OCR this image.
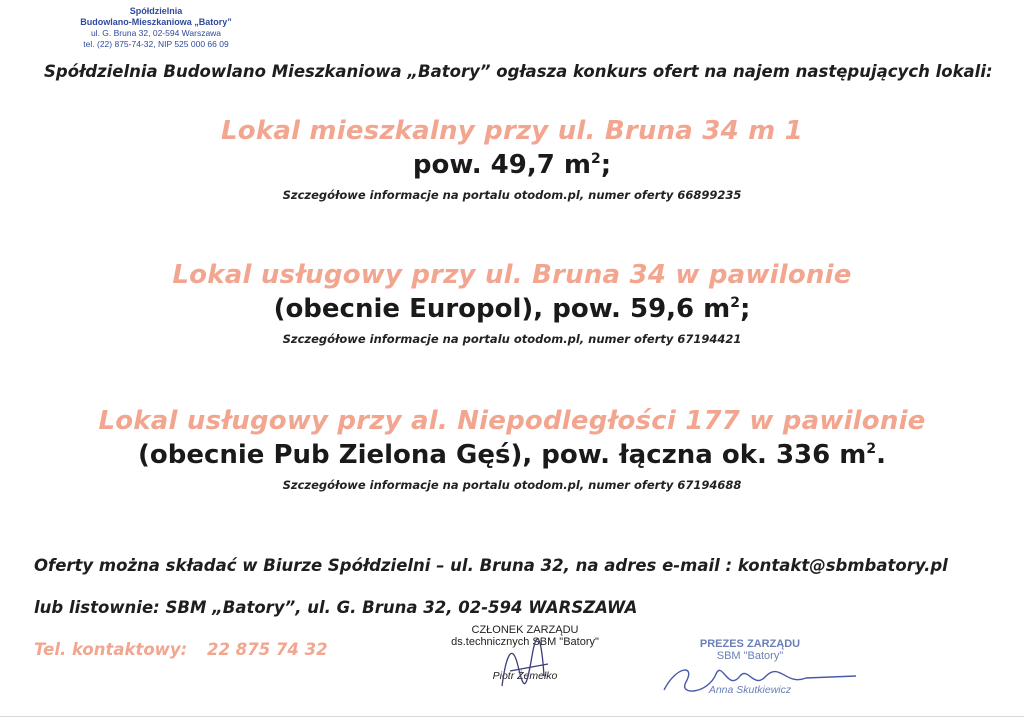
Spółdzielnia
Budowlano-Mieszkaniowa „Batory”
ul. G. Bruna 32, 02-594 Warszawa
tel. (22) 875-74-32, NIP 525 000 66 09
Spółdzielnia Budowlano Mieszkaniowa „Batory” ogłasza konkurs ofert na najem następujących lokali:
Lokal mieszkalny przy ul. Bruna 34 m 1
pow. 49,7 $m^2$;
Szczegółowe informacje na portalu otodom.pl, numer oferty 66899235
Lokal usługowy przy ul. Bruna 34 w pawilonie
(obecnie Europol), pow. 59,6 $m^2$;
Szczegółowe informacje na portalu otodom.pl, numer oferty 67194421
Lokal usługowy przy al. Niepodległości 177 w pawilonie
(obecnie Pub Zielona Gęś), pow. łączna ok. 336 $m^2$.
Szczegółowe informacje na portalu otodom.pl, numer oferty 67194688
Oferty można składać w Biurze Spółdzielni – ul. Bruna 32, na adres e-mail : kontakt@sbmbatory.pl
lub listownie: SBM „Batory”, ul. G. Bruna 32, 02-594 WARSZAWA
Tel. kontaktowy: 22 875 74 32
CZŁONEK ZARZĄDU
ds.technicznych SBM "Batory"
Piotr Żemełko
PREZES ZARZĄDU
SBM "Batory"
Anna Skutkiewicz
